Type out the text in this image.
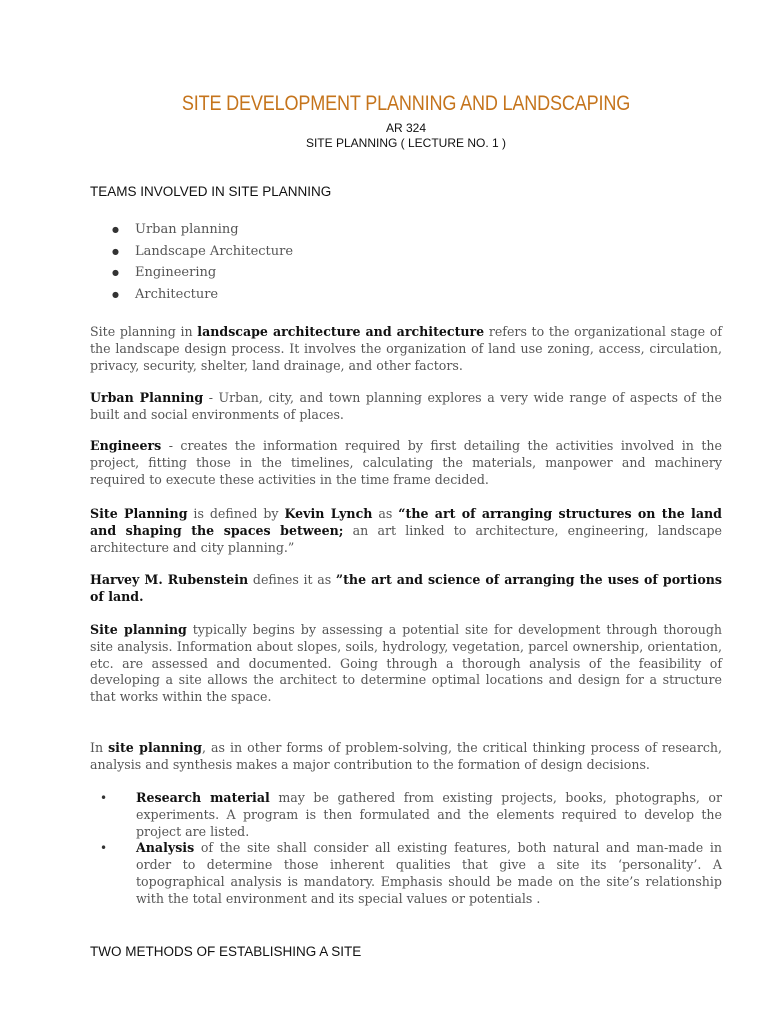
SITE DEVELOPMENT PLANNING AND LANDSCAPING

AR 324

SITE PLANNING ( LECTURE NO. 1 )

TEAMS INVOLVED IN SITE PLANNING
● Urban planning
● Landscape Architecture
● Engineering
● Architecture

Site planning in landscape architecture and architecture refers to the organizational stage of the landscape design process. It involves the organization of land use zoning, access, circulation, privacy, security, shelter, land drainage, and other factors.

Urban Planning - Urban, city, and town planning explores a very wide range of aspects of the built and social environments of places.

Engineers - creates the information required by first detailing the activities involved in the project, fitting those in the timelines, calculating the materials, manpower and machinery required to execute these activities in the time frame decided.

Site Planning is defined by Kevin Lynch as “the art of arranging structures on the land and shaping the spaces between; an art linked to architecture, engineering, landscape architecture and city planning.”

Harvey M. Rubenstein defines it as ”the art and science of arranging the uses of portions of land.

Site planning typically begins by assessing a potential site for development through thorough site analysis. Information about slopes, soils, hydrology, vegetation, parcel ownership, orientation, etc. are assessed and documented. Going through a thorough analysis of the feasibility of developing a site allows the architect to determine optimal locations and design for a structure that works within the space.

In site planning, as in other forms of problem-solving, the critical thinking process of research, analysis and synthesis makes a major contribution to the formation of design decisions.

• Research material may be gathered from existing projects, books, photographs, or experiments. A program is then formulated and the elements required to develop the project are listed.
• Analysis of the site shall consider all existing features, both natural and man-made in order to determine those inherent qualities that give a site its ‘personality’. A topographical analysis is mandatory. Emphasis should be made on the site’s relationship with the total environment and its special values or potentials .
TWO METHODS OF ESTABLISHING A SITE
